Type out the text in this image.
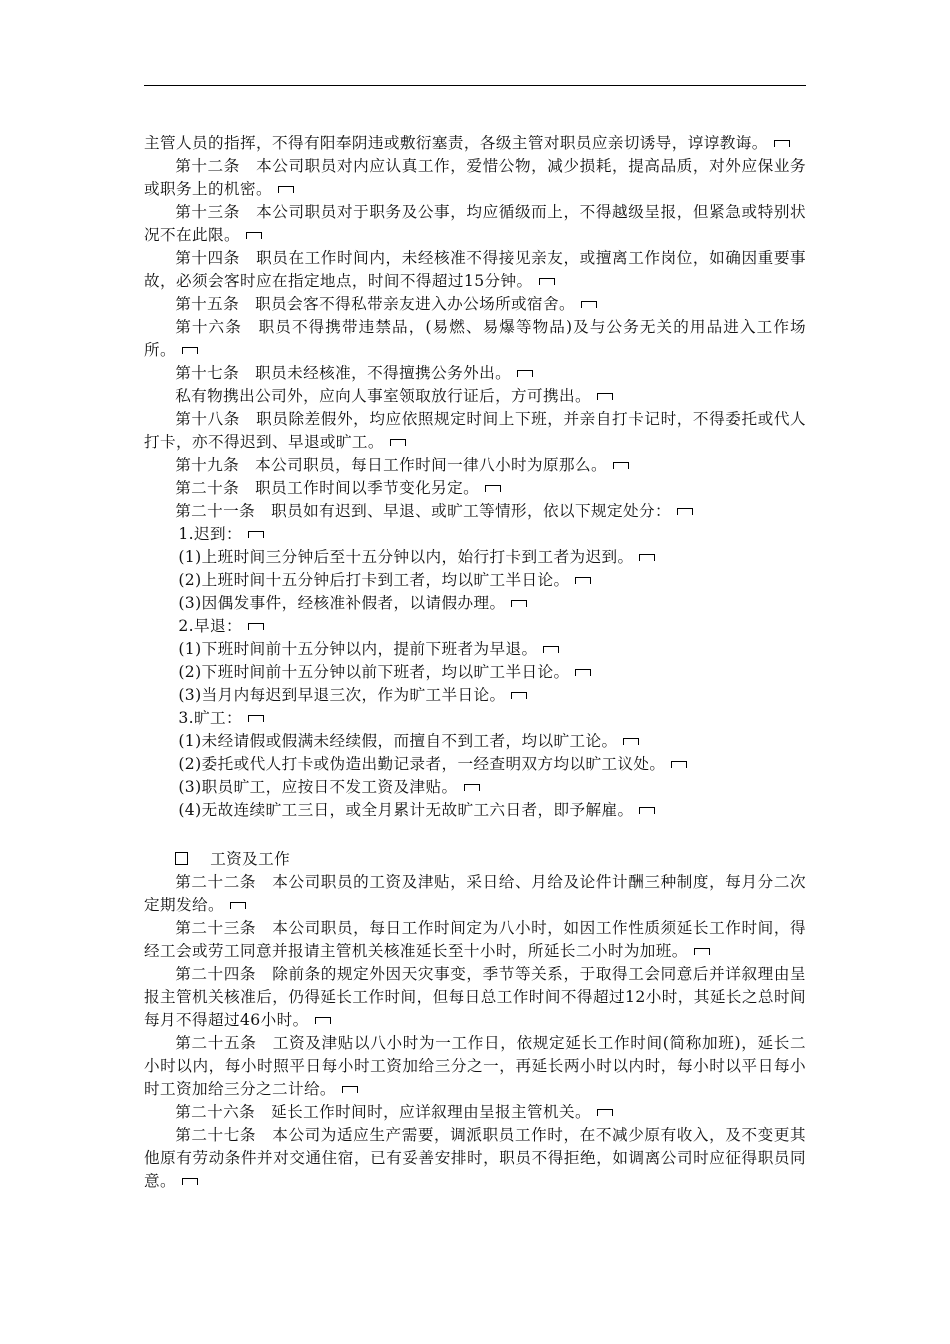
主管人员的指挥，不得有阳奉阴违或敷衍塞责，各级主管对职员应亲切诱导，谆谆教诲。

第十二条　本公司职员对内应认真工作，爱惜公物，减少损耗，提高品质，对外应保业务或职务上的机密。

第十三条　本公司职员对于职务及公事，均应循级而上，不得越级呈报，但紧急或特别状况不在此限。

第十四条　职员在工作时间内，未经核准不得接见亲友，或擅离工作岗位，如确因重要事故，必须会客时应在指定地点，时间不得超过15分钟。

第十五条　职员会客不得私带亲友进入办公场所或宿舍。

第十六条　职员不得携带违禁品，(易燃、易爆等物品)及与公务无关的用品进入工作场所。

第十七条　职员未经核准，不得擅携公务外出。

私有物携出公司外，应向人事室领取放行证后，方可携出。

第十八条　职员除差假外，均应依照规定时间上下班，并亲自打卡记时，不得委托或代人打卡，亦不得迟到、早退或旷工。

第十九条　本公司职员，每日工作时间一律八小时为原那么。

第二十条　职员工作时间以季节变化另定。

第二十一条　职员如有迟到、早退、或旷工等情形，依以下规定处分：

1.迟到：

(1)上班时间三分钟后至十五分钟以内，始行打卡到工者为迟到。

(2)上班时间十五分钟后打卡到工者，均以旷工半日论。

(3)因偶发事件，经核准补假者，以请假办理。

2.早退：

(1)下班时间前十五分钟以内，提前下班者为早退。

(2)下班时间前十五分钟以前下班者，均以旷工半日论。

(3)当月内每迟到早退三次，作为旷工半日论。

3.旷工：

(1)未经请假或假满未经续假，而擅自不到工者，均以旷工论。

(2)委托或代人打卡或伪造出勤记录者，一经查明双方均以旷工议处。

(3)职员旷工，应按日不发工资及津贴。

(4)无故连续旷工三日，或全月累计无故旷工六日者，即予解雇。

工资及工作

第二十二条　本公司职员的工资及津贴，采日给、月给及论件计酬三种制度，每月分二次定期发给。

第二十三条　本公司职员，每日工作时间定为八小时，如因工作性质须延长工作时间，得经工会或劳工同意并报请主管机关核准延长至十小时，所延长二小时为加班。

第二十四条　除前条的规定外因天灾事变，季节等关系，于取得工会同意后并详叙理由呈报主管机关核准后，仍得延长工作时间，但每日总工作时间不得超过12小时，其延长之总时间每月不得超过46小时。

第二十五条　工资及津贴以八小时为一工作日，依规定延长工作时间(简称加班)，延长二小时以内，每小时照平日每小时工资加给三分之一，再延长两小时以内时，每小时以平日每小时工资加给三分之二计给。

第二十六条　延长工作时间时，应详叙理由呈报主管机关。

第二十七条　本公司为适应生产需要，调派职员工作时，在不减少原有收入，及不变更其他原有劳动条件并对交通住宿，已有妥善安排时，职员不得拒绝，如调离公司时应征得职员同意。
